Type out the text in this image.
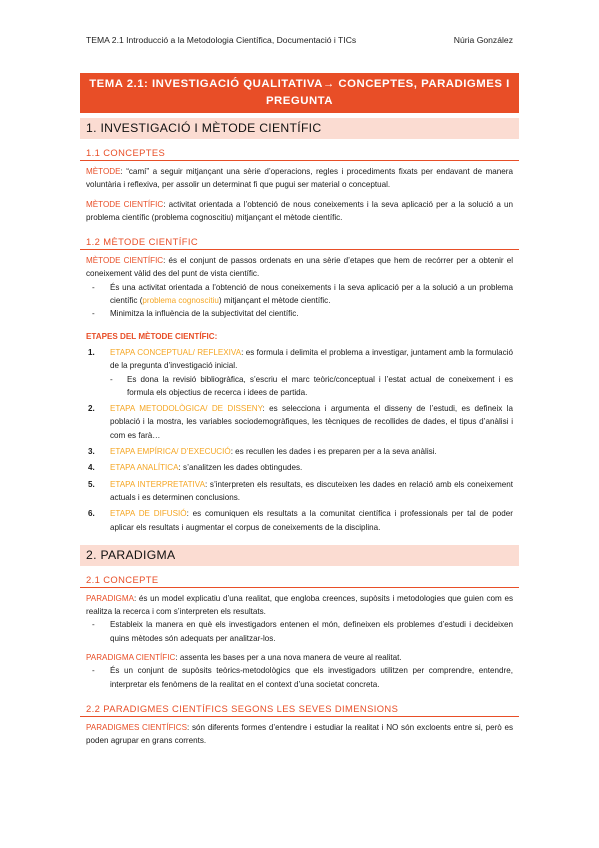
TEMA 2.1 Introducció a la Metodologia Científica, Documentació i TICs	Núria González
TEMA 2.1: INVESTIGACIÓ QUALITATIVA→ CONCEPTES, PARADIGMES I
PREGUNTA
1. INVESTIGACIÓ I MÈTODE CIENTÍFIC
1.1 CONCEPTES
MÈTODE: “camí” a seguir mitjançant una sèrie d’operacions, regles i procediments fixats per endavant de manera voluntària i reflexiva, per assolir un determinat fi que pugui ser material o conceptual.
MÈTODE CIENTÍFIC: activitat orientada a l’obtenció de nous coneixements i la seva aplicació per a la solució a un problema científic (problema cognoscitiu) mitjançant el mètode científic.
1.2 MÈTODE CIENTÍFIC
MÈTODE CIENTÍFIC: és el conjunt de passos ordenats en una sèrie d’etapes que hem de recórrer per a obtenir el coneixement vàlid des del punt de vista científic.
- És una activitat orientada a l’obtenció de nous coneixements i la seva aplicació per a la solució a un problema científic (problema cognoscitiu) mitjançant el mètode científic.
- Minimitza la influència de la subjectivitat del científic.
ETAPES DEL MÈTODE CIENTÍFIC:
1. ETAPA CONCEPTUAL/ REFLEXIVA: es formula i delimita el problema a investigar, juntament amb la formulació de la pregunta d’investigació inicial.
- Es dona la revisió bibliogràfica, s’escriu el marc teòric/conceptual i l’estat actual de coneixement i es formula els objectius de recerca i idees de partida.
2. ETAPA METODOLÒGICA/ DE DISSENY: es selecciona i argumenta el disseny de l’estudi, es defineix la població i la mostra, les variables sociodemogràfiques, les tècniques de recollides de dades, el tipus d’anàlisi i com es farà…
3. ETAPA EMPÍRICA/ D’EXECUCIÓ: es recullen les dades i es preparen per a la seva anàlisi.
4. ETAPA ANALÍTICA: s’analitzen les dades obtingudes.
5. ETAPA INTERPRETATIVA: s’interpreten els resultats, es discuteixen les dades en relació amb els coneixement actuals i es determinen conclusions.
6. ETAPA DE DIFUSIÓ: es comuniquen els resultats a la comunitat científica i professionals per tal de poder aplicar els resultats i augmentar el corpus de coneixements de la disciplina.
2. PARADIGMA
2.1 CONCEPTE
PARADIGMA: és un model explicatiu d’una realitat, que engloba creences, supòsits i metodologies que guien com es realitza la recerca i com s’interpreten els resultats.
- Estableix la manera en què els investigadors entenen el món, defineixen els problemes d’estudi i decideixen quins mètodes són adequats per analitzar-los.
PARADIGMA CIENTÍFIC: assenta les bases per a una nova manera de veure al realitat.
- És un conjunt de supòsits teòrics-metodològics que els investigadors utilitzen per comprendre, entendre, interpretar els fenòmens de la realitat en el context d’una societat concreta.
2.2 PARADIGMES CIENTÍFICS SEGONS LES SEVES DIMENSIONS
PARADIGMES CIENTÍFICS: són diferents formes d’entendre i estudiar la realitat i NO són excloents entre si, però es poden agrupar en grans corrents.
